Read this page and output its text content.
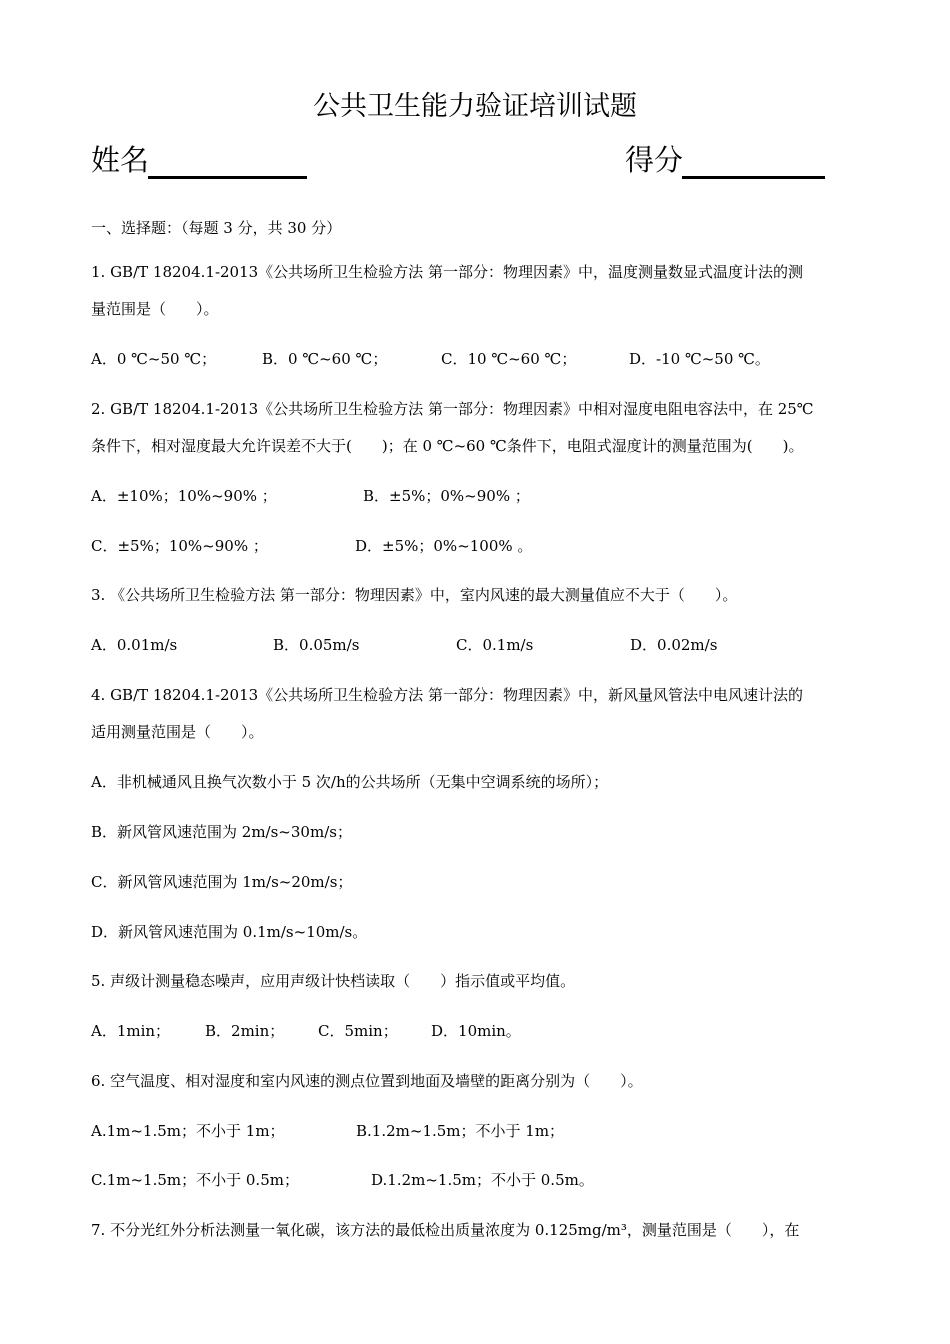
公共卫生能力验证培训试题
姓名	得分
一、选择题：（每题 3 分，共 30 分）
1. GB/T 18204.1-2013《公共场所卫生检验方法 第一部分：物理因素》中，温度测量数显式温度计法的测
量范围是（　　）。
A．0 ℃~50 ℃；	B．0 ℃~60 ℃；	C．10 ℃~60 ℃；	D．-10 ℃~50 ℃。
2. GB/T 18204.1-2013《公共场所卫生检验方法 第一部分：物理因素》中相对湿度电阻电容法中，在 25℃
条件下，相对湿度最大允许误差不大于(　　)；在 0 ℃~60 ℃条件下，电阻式湿度计的测量范围为(　　)。
A．±10%；10%~90% ；	B．±5%；0%~90% ；
C．±5%；10%~90% ；	D．±5%；0%~100% 。
3. 《公共场所卫生检验方法 第一部分：物理因素》中，室内风速的最大测量值应不大于（　　）。
A．0.01m/s	B．0.05m/s	C．0.1m/s	D．0.02m/s
4. GB/T 18204.1-2013《公共场所卫生检验方法 第一部分：物理因素》中，新风量风管法中电风速计法的
适用测量范围是（　　）。
A．非机械通风且换气次数小于 5 次/h的公共场所（无集中空调系统的场所）；
B．新风管风速范围为 2m/s~30m/s；
C．新风管风速范围为 1m/s~20m/s；
D．新风管风速范围为 0.1m/s~10m/s。
5. 声级计测量稳态噪声，应用声级计快档读取（　　）指示值或平均值。
A．1min； B．2min； C．5min； D．10min。
6. 空气温度、相对湿度和室内风速的测点位置到地面及墙壁的距离分别为（　　）。
A.1m~1.5m；不小于 1m；	B.1.2m~1.5m；不小于 1m；
C.1m~1.5m；不小于 0.5m；	D.1.2m~1.5m；不小于 0.5m。
7. 不分光红外分析法测量一氧化碳，该方法的最低检出质量浓度为 0.125mg/m³，测量范围是（　　），在
